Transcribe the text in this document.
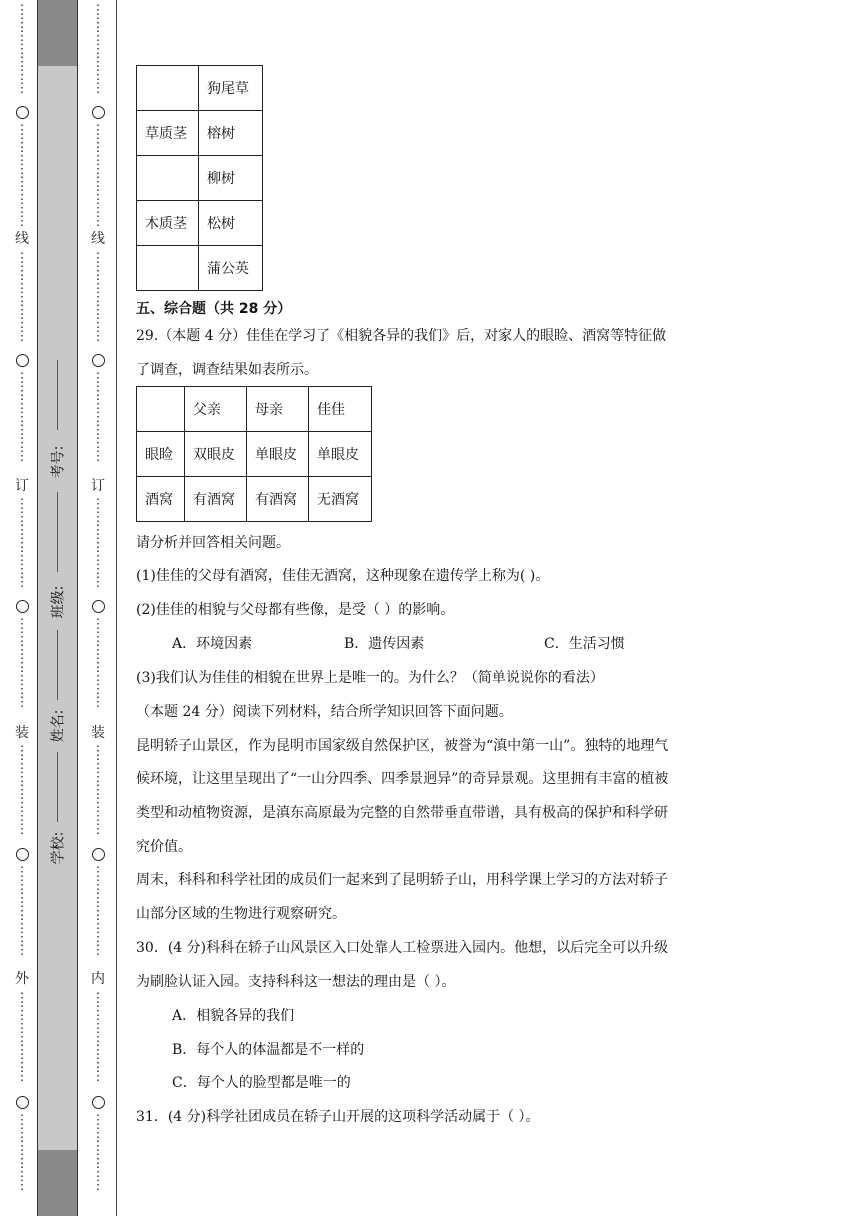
⋮
⋮
⋮
⋮
⋮
⋮
⋮
⋮
⋮
⋮
⋮
⋮
⋮
⋮
⋮
线
⋮
⋮
⋮
⋮
⋮
⋮
⋮
⋮
⋮
⋮
⋮
⋮
⋮
⋮
订
⋮
⋮
⋮
⋮
⋮
⋮
⋮
⋮
⋮
⋮
⋮
⋮
⋮
⋮
装
⋮
⋮
⋮
⋮
⋮
⋮
⋮
⋮
⋮
⋮
⋮
⋮
⋮
⋮
外
⋮
⋮
⋮
⋮
⋮
⋮
⋮
⋮
⋮
⋮
⋮
⋮
⋮
考号:
班级:
姓名:
学校:
⋮
⋮
⋮
⋮
⋮
⋮
⋮
⋮
⋮
⋮
⋮
⋮
⋮
⋮
⋮
线
⋮
⋮
⋮
⋮
⋮
⋮
⋮
⋮
⋮
⋮
⋮
⋮
⋮
⋮
订
⋮
⋮
⋮
⋮
⋮
⋮
⋮
⋮
⋮
⋮
⋮
⋮
⋮
⋮
装
⋮
⋮
⋮
⋮
⋮
⋮
⋮
⋮
⋮
⋮
⋮
⋮
⋮
⋮
内
⋮
⋮
⋮
⋮
⋮
⋮
⋮
⋮
⋮
⋮
⋮
⋮
⋮
	狗尾草
草质茎	榕树
	柳树
木质茎	松树
	蒲公英
五、综合题（共 28 分）
29.（本题 4 分）佳佳在学习了《相貌各异的我们》后，对家人的眼睑、酒窝等特征做
了调查，调查结果如表所示。
	父亲	母亲	佳佳
眼睑	双眼皮	单眼皮	单眼皮
酒窝	有酒窝	有酒窝	无酒窝
请分析并回答相关问题。
(1)佳佳的父母有酒窝，佳佳无酒窝，这种现象在遗传学上称为( )。
(2)佳佳的相貌与父母都有些像，是受（ ）的影响。
A．环境因素	B．遗传因素	C．生活习惯
(3)我们认为佳佳的相貌在世界上是唯一的。为什么？（简单说说你的看法）
（本题 24 分）阅读下列材料，结合所学知识回答下面问题。
昆明轿子山景区，作为昆明市国家级自然保护区，被誉为“滇中第一山”。独特的地理气
候环境，让这里呈现出了“一山分四季、四季景迥异”的奇异景观。这里拥有丰富的植被
类型和动植物资源，是滇东高原最为完整的自然带垂直带谱，具有极高的保护和科学研
究价值。
周末，科科和科学社团的成员们一起来到了昆明轿子山，用科学课上学习的方法对轿子
山部分区域的生物进行观察研究。
30．(4 分)科科在轿子山风景区入口处靠人工检票进入园内。他想，以后完全可以升级
为刷脸认证入园。支持科科这一想法的理由是（ ）。
A．相貌各异的我们
B．每个人的体温都是不一样的
C．每个人的脸型都是唯一的
31．(4 分)科学社团成员在轿子山开展的这项科学活动属于（ ）。
